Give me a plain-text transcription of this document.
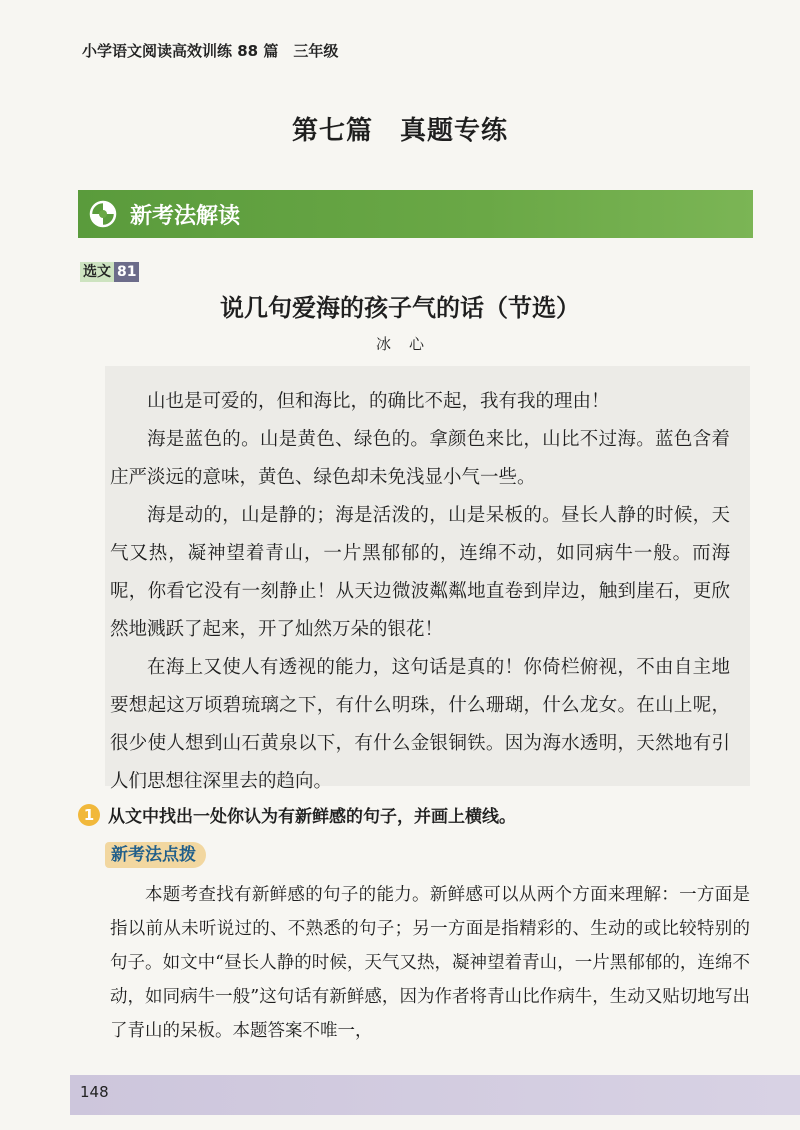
小学语文阅读高效训练 88 篇　三年级
第七篇　真题专练
新考法解读
选文 81
说几句爱海的孩子气的话（节选）
冰心

山也是可爱的，但和海比，的确比不起，我有我的理由！

海是蓝色的。山是黄色、绿色的。拿颜色来比，山比不过海。蓝色含着庄严淡远的意味，黄色、绿色却未免浅显小气一些。

海是动的，山是静的；海是活泼的，山是呆板的。昼长人静的时候，天气又热，凝神望着青山，一片黑郁郁的，连绵不动，如同病牛一般。而海呢，你看它没有一刻静止！从天边微波粼粼地直卷到岸边，触到崖石，更欣然地溅跃了起来，开了灿然万朵的银花！

在海上又使人有透视的能力，这句话是真的！你倚栏俯视，不由自主地要想起这万顷碧琉璃之下，有什么明珠，什么珊瑚，什么龙女。在山上呢，很少使人想到山石黄泉以下，有什么金银铜铁。因为海水透明，天然地有引人们思想往深里去的趋向。

1 从文中找出一处你认为有新鲜感的句子，并画上横线。
新考法点拨

本题考查找有新鲜感的句子的能力。新鲜感可以从两个方面来理解：一方面是指以前从未听说过的、不熟悉的句子；另一方面是指精彩的、生动的或比较特别的句子。如文中“昼长人静的时候，天气又热，凝神望着青山，一片黑郁郁的，连绵不动，如同病牛一般”这句话有新鲜感，因为作者将青山比作病牛，生动又贴切地写出了青山的呆板。本题答案不唯一，

148
